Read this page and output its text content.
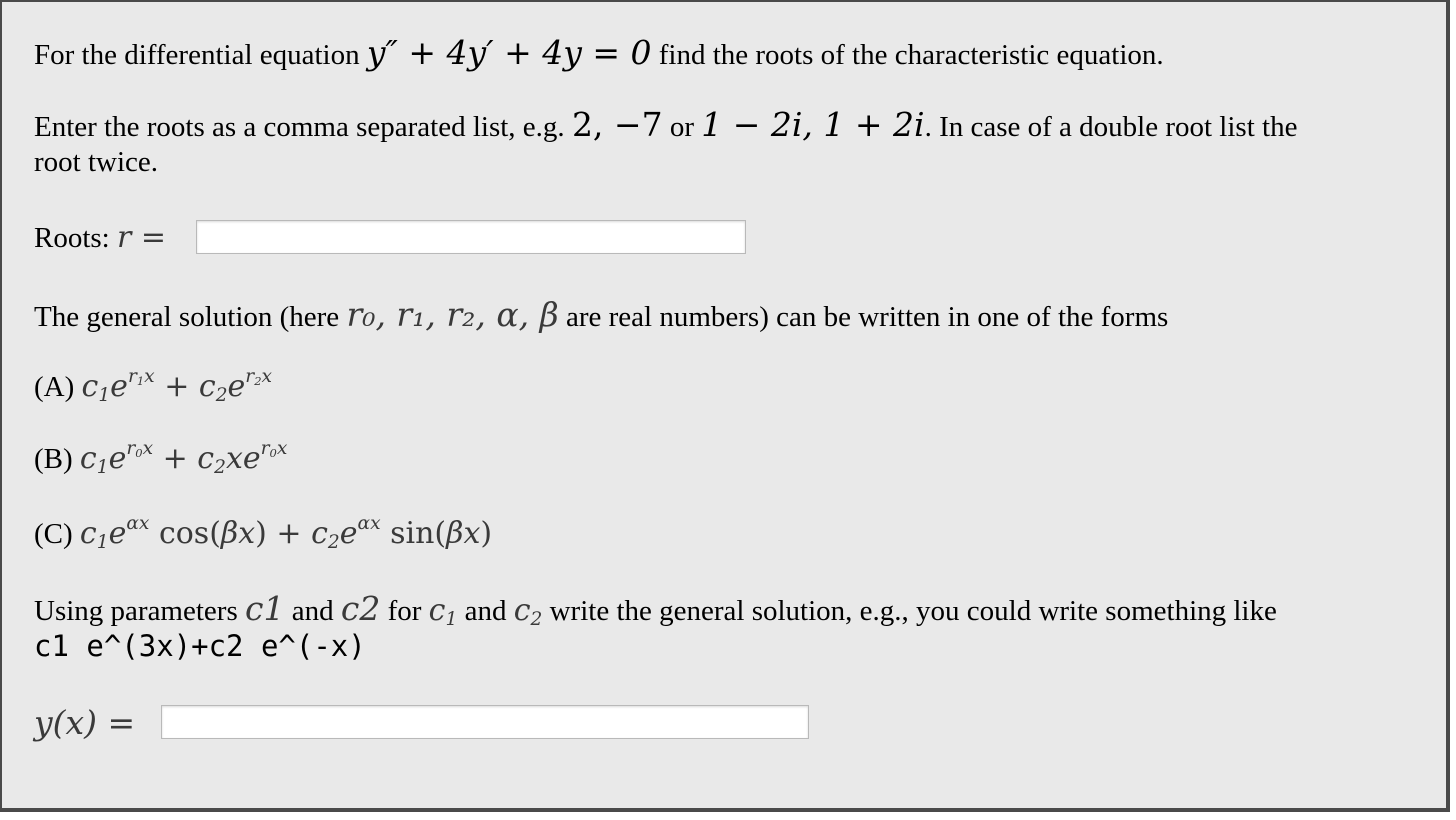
For the differential equation y″ + 4y′ + 4y = 0 find the roots of the characteristic equation.
Enter the roots as a comma separated list, e.g. 2, −7 or 1 − 2i, 1 + 2i. In case of a double root list the
root twice.
Roots: r =
The general solution (here r₀, r₁, r₂, α, β are real numbers) can be written in one of the forms
(A) $c_1e^{r_1x} + c_2e^{r_2x}$
(B) $c_1e^{r_0x} + c_2xe^{r_0x}$
(C) $c_1e^{\alpha x}$ $\cos(\beta x) + c_2e^{\alpha x}$ sin(βx)
Using parameters c1 and c2 for $c_1$ and $c_2$ write the general solution, e.g., you could write something like
c1 e^(3x)+c2 e^(-x)
y(x) =
